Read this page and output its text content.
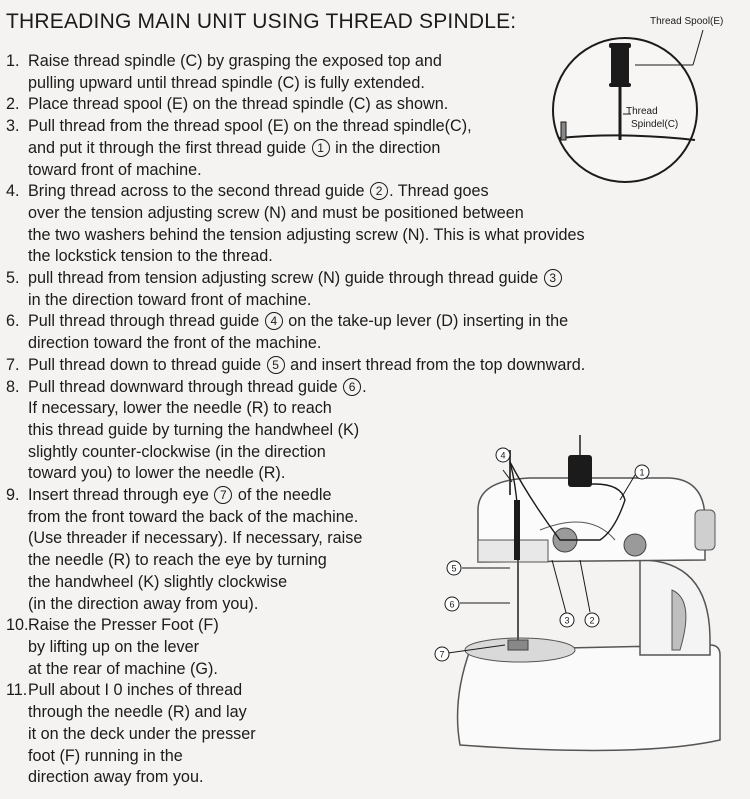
THREADING MAIN UNIT USING THREAD SPINDLE:
1. Raise thread spindle (C) by grasping the exposed top and
pulling upward until thread spindle (C) is fully extended.
2. Place thread spool (E) on the thread spindle (C) as shown.
3. Pull thread from the thread spool (E) on the thread spindle(C),
and put it through the first thread guide 1 in the direction
toward front of machine.
4. Bring thread across to the second thread guide 2 . Thread goes
over the tension adjusting screw (N) and must be positioned between
the two washers behind the tension adjusting screw (N). This is what provides
the lockstick tension to the thread.
5. pull thread from tension adjusting screw (N) guide through thread guide 3
in the direction toward front of machine.
6. Pull thread through thread guide 4 on the take-up lever (D) inserting in the
direction toward the front of the machine.
7. Pull thread down to thread guide 5 and insert thread from the top downward.
8. Pull thread downward through thread guide 6 .
If necessary, lower the needle (R) to reach
this thread guide by turning the handwheel (K)
slightly counter-clockwise (in the direction
toward you) to lower the needle (R).
9. Insert thread through eye 7 of the needle
from the front toward the back of the machine.
(Use threader if necessary). If necessary, raise
the needle (R) to reach the eye by turning
the handwheel (K) slightly clockwise
(in the direction away from you).
10.Raise the Presser Foot (F)
by lifting up on the lever
at the rear of machine (G).
11.Pull about I 0 inches of thread
through the needle (R) and lay
it on the deck under the presser
foot (F) running in the
direction away from you.
Thread Spool(E)
Thread
Spindel(C)
1
2
3
4
5
6
7
